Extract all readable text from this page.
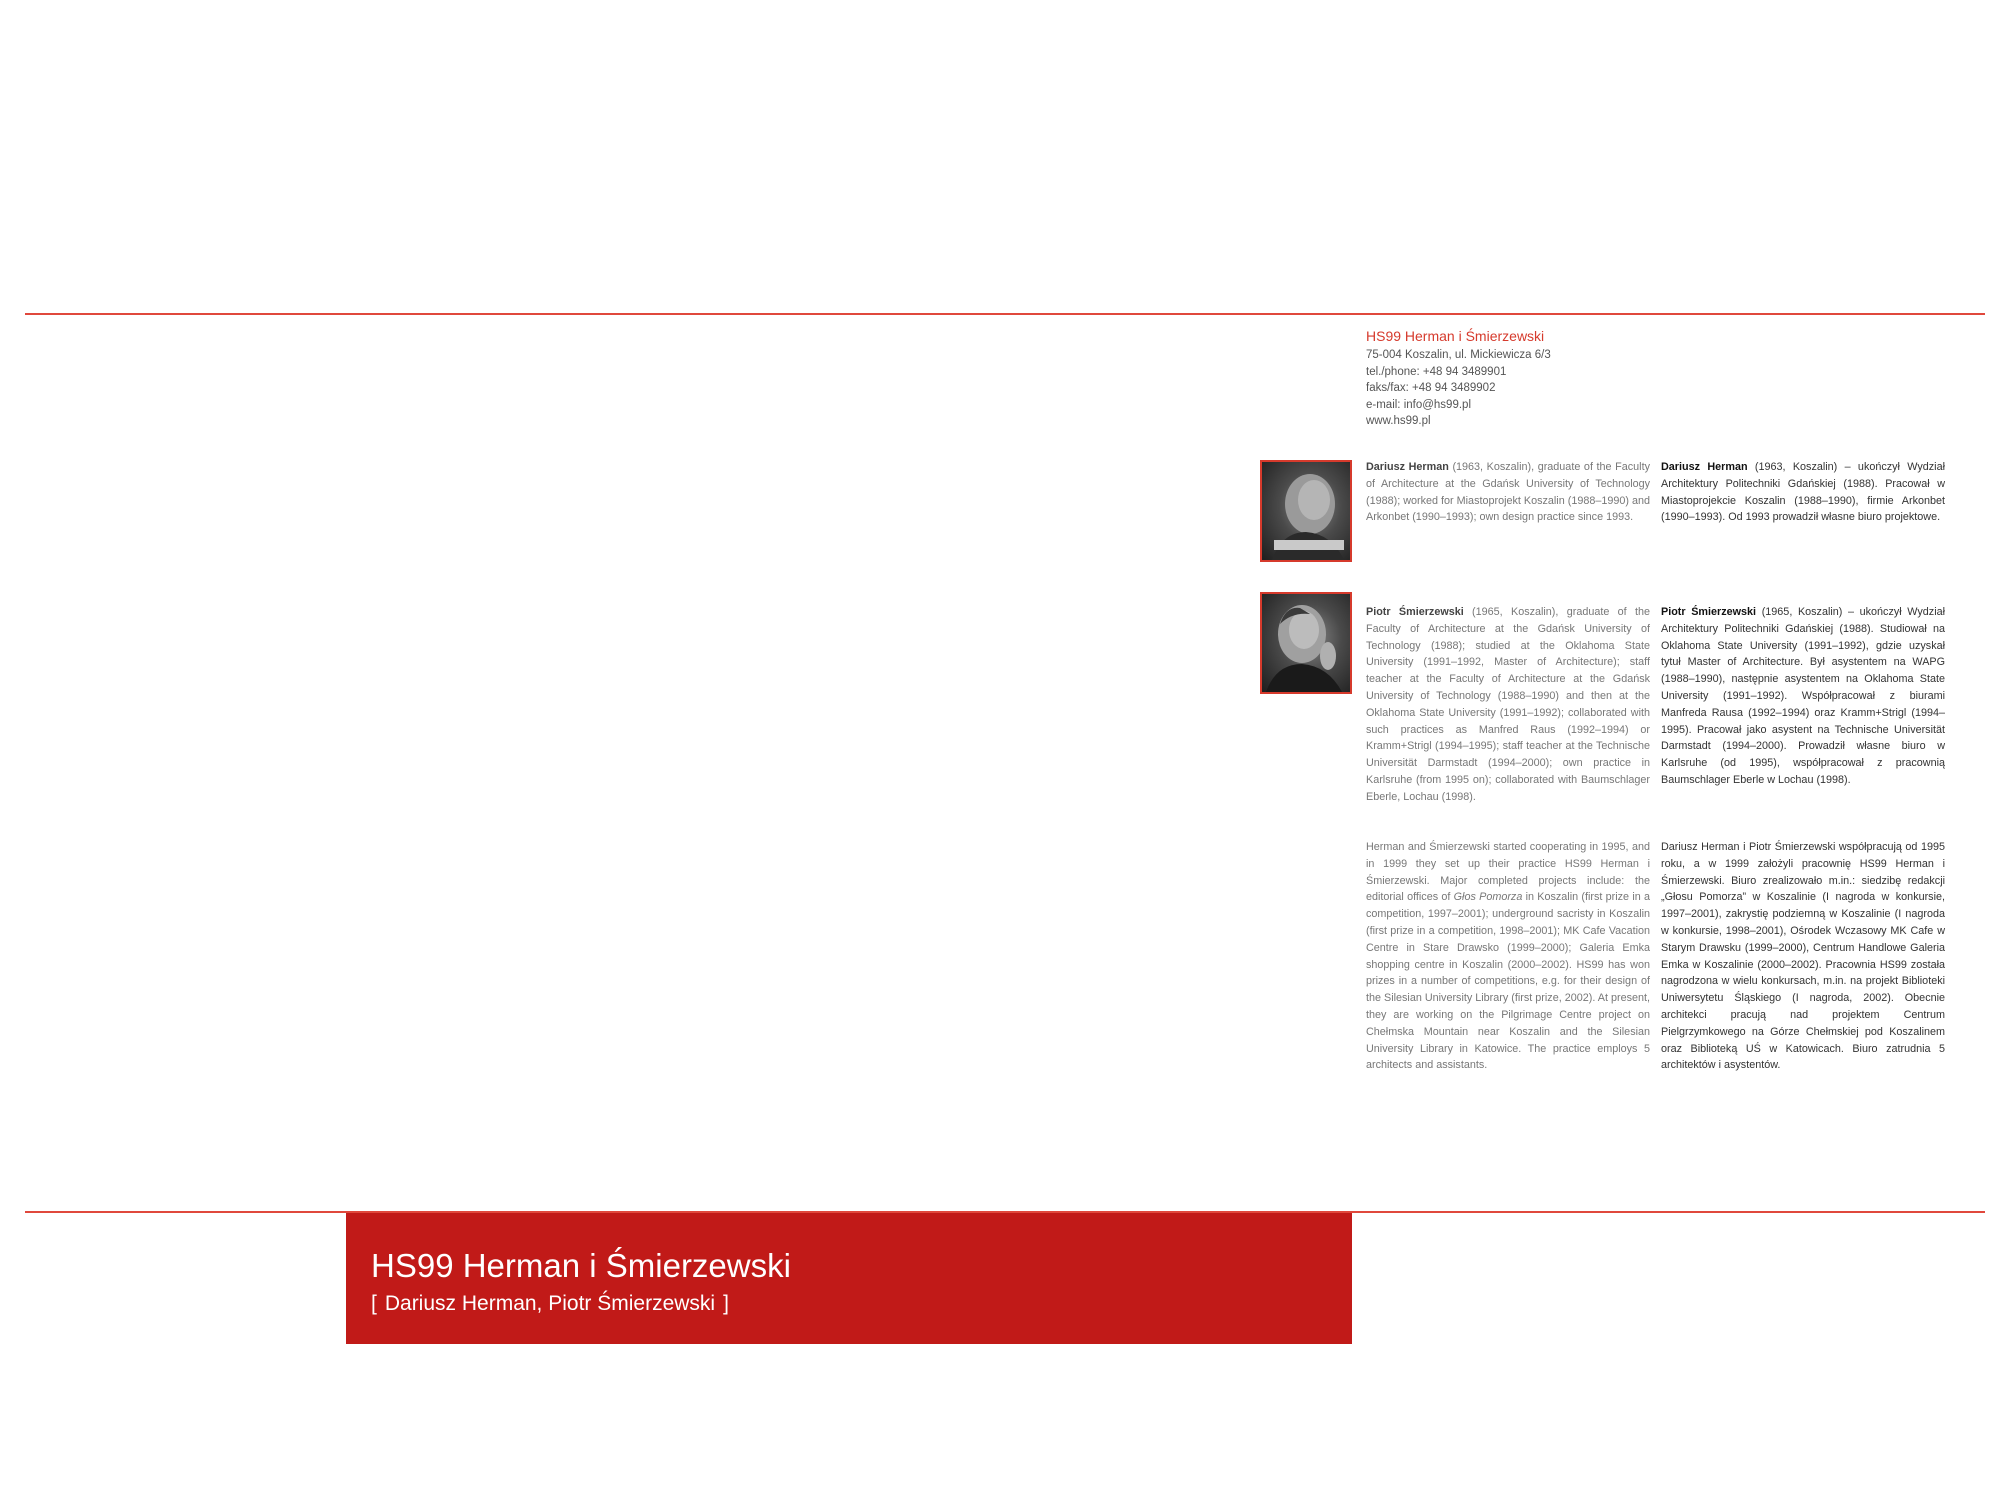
HS99 Herman i Śmierzewski
75-004 Koszalin, ul. Mickiewicza 6/3
tel./phone: +48 94 3489901
faks/fax: +48 94 3489902
e-mail: info@hs99.pl
www.hs99.pl

Dariusz Herman (1963, Koszalin), graduate of the Faculty of Architecture at the Gdańsk University of Technology (1988); worked for Miastoprojekt Koszalin (1988–1990) and Arkonbet (1990–1993); own design practice since 1993.

Piotr Śmierzewski (1965, Koszalin), graduate of the Faculty of Architecture at the Gdańsk University of Technology (1988); studied at the Oklahoma State University (1991–1992, Master of Architecture); staff teacher at the Faculty of Architecture at the Gdańsk University of Technology (1988–1990) and then at the Oklahoma State University (1991–1992); collaborated with such practices as Manfred Raus (1992–1994) or Kramm+Strigl (1994–1995); staff teacher at the Technische Universität Darmstadt (1994–2000); own practice in Karlsruhe (from 1995 on); collaborated with Baumschlager Eberle, Lochau (1998).

Herman and Śmierzewski started cooperating in 1995, and in 1999 they set up their practice HS99 Herman i Śmierzewski. Major completed projects include: the editorial offices of Głos Pomorza in Koszalin (first prize in a competition, 1997–2001); underground sacristy in Koszalin (first prize in a competition, 1998–2001); MK Cafe Vacation Centre in Stare Drawsko (1999–2000); Galeria Emka shopping centre in Koszalin (2000–2002). HS99 has won prizes in a number of competitions, e.g. for their design of the Silesian University Library (first prize, 2002). At present, they are working on the Pilgrimage Centre project on Chełmska Mountain near Koszalin and the Silesian University Library in Katowice. The practice employs 5 architects and assistants.

Dariusz Herman (1963, Koszalin) – ukończył Wydział Architektury Politechniki Gdańskiej (1988). Pracował w Miastoprojekcie Koszalin (1988–1990), firmie Arkonbet (1990–1993). Od 1993 prowadził własne biuro projektowe.

Piotr Śmierzewski (1965, Koszalin) – ukończył Wydział Architektury Politechniki Gdańskiej (1988). Studiował na Oklahoma State University (1991–1992), gdzie uzyskał tytuł Master of Architecture. Był asystentem na WAPG (1988–1990), następnie asystentem na Oklahoma State University (1991–1992). Współpracował z biurami Manfreda Rausa (1992–1994) oraz Kramm+Strigl (1994–1995). Pracował jako asystent na Technische Universität Darmstadt (1994–2000). Prowadził własne biuro w Karlsruhe (od 1995), współpracował z pracownią Baumschlager Eberle w Lochau (1998).

Dariusz Herman i Piotr Śmierzewski współpracują od 1995 roku, a w 1999 założyli pracownię HS99 Herman i Śmierzewski. Biuro zrealizowało m.in.: siedzibę redakcji „Głosu Pomorza” w Koszalinie (I nagroda w konkursie, 1997–2001), zakrystię podziemną w Koszalinie (I nagroda w konkursie, 1998–2001), Ośrodek Wczasowy MK Cafe w Starym Drawsku (1999–2000), Centrum Handlowe Galeria Emka w Koszalinie (2000–2002). Pracownia HS99 została nagrodzona w wielu konkursach, m.in. na projekt Biblioteki Uniwersytetu Śląskiego (I nagroda, 2002). Obecnie architekci pracują nad projektem Centrum Pielgrzymkowego na Górze Chełmskiej pod Koszalinem oraz Biblioteką UŚ w Katowicach. Biuro zatrudnia 5 architektów i asystentów.

HS99 Herman i Śmierzewski
[ Dariusz Herman, Piotr Śmierzewski ]
